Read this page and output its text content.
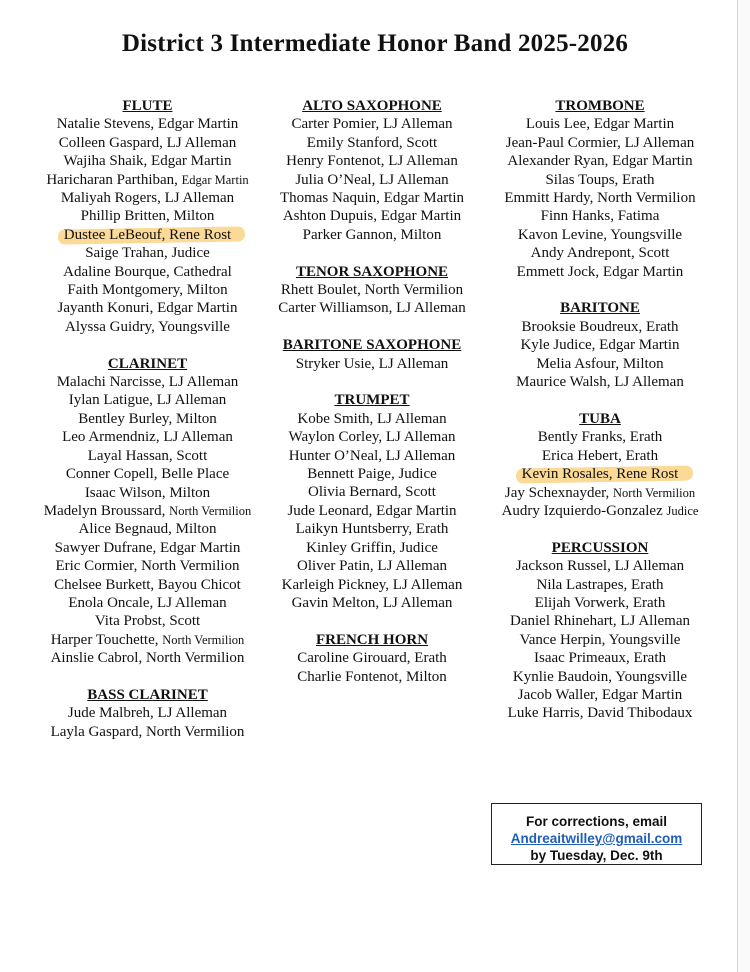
District 3 Intermediate Honor Band 2025-2026
FLUTE
Natalie Stevens, Edgar Martin
Colleen Gaspard, LJ Alleman
Wajiha Shaik, Edgar Martin
Haricharan Parthiban, Edgar Martin
Maliyah Rogers, LJ Alleman
Phillip Britten, Milton
Dustee LeBeouf, Rene Rost
Saige Trahan, Judice
Adaline Bourque, Cathedral
Faith Montgomery, Milton
Jayanth Konuri, Edgar Martin
Alyssa Guidry, Youngsville
CLARINET
Malachi Narcisse, LJ Alleman
Iylan Latigue, LJ Alleman
Bentley Burley, Milton
Leo Armendniz, LJ Alleman
Layal Hassan, Scott
Conner Copell, Belle Place
Isaac Wilson, Milton
Madelyn Broussard, North Vermilion
Alice Begnaud, Milton
Sawyer Dufrane, Edgar Martin
Eric Cormier, North Vermilion
Chelsee Burkett, Bayou Chicot
Enola Oncale, LJ Alleman
Vita Probst, Scott
Harper Touchette, North Vermilion
Ainslie Cabrol, North Vermilion
BASS CLARINET
Jude Malbreh, LJ Alleman
Layla Gaspard, North Vermilion
ALTO SAXOPHONE
Carter Pomier, LJ Alleman
Emily Stanford, Scott
Henry Fontenot, LJ Alleman
Julia O’Neal, LJ Alleman
Thomas Naquin, Edgar Martin
Ashton Dupuis, Edgar Martin
Parker Gannon, Milton
TENOR SAXOPHONE
Rhett Boulet, North Vermilion
Carter Williamson, LJ Alleman
BARITONE SAXOPHONE
Stryker Usie, LJ Alleman
TRUMPET
Kobe Smith, LJ Alleman
Waylon Corley, LJ Alleman
Hunter O’Neal, LJ Alleman
Bennett Paige, Judice
Olivia Bernard, Scott
Jude Leonard, Edgar Martin
Laikyn Huntsberry, Erath
Kinley Griffin, Judice
Oliver Patin, LJ Alleman
Karleigh Pickney, LJ Alleman
Gavin Melton, LJ Alleman
FRENCH HORN
Caroline Girouard, Erath
Charlie Fontenot, Milton
TROMBONE
Louis Lee, Edgar Martin
Jean-Paul Cormier, LJ Alleman
Alexander Ryan, Edgar Martin
Silas Toups, Erath
Emmitt Hardy, North Vermilion
Finn Hanks, Fatima
Kavon Levine, Youngsville
Andy Andrepont, Scott
Emmett Jock, Edgar Martin
BARITONE
Brooksie Boudreux, Erath
Kyle Judice, Edgar Martin
Melia Asfour, Milton
Maurice Walsh, LJ Alleman
TUBA
Bently Franks, Erath
Erica Hebert, Erath
Kevin Rosales, Rene Rost
Jay Schexnayder, North Vermilion
Audry Izquierdo-Gonzalez Judice
PERCUSSION
Jackson Russel, LJ Alleman
Nila Lastrapes, Erath
Elijah Vorwerk, Erath
Daniel Rhinehart, LJ Alleman
Vance Herpin, Youngsville
Isaac Primeaux, Erath
Kynlie Baudoin, Youngsville
Jacob Waller, Edgar Martin
Luke Harris, David Thibodaux
For corrections, email
Andreaitwilley@gmail.com
by Tuesday, Dec. 9th
